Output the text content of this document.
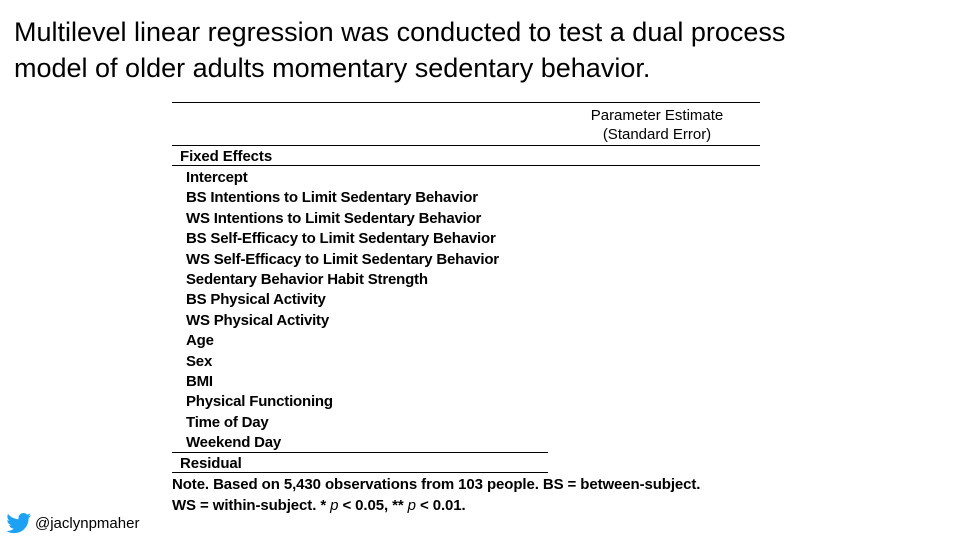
Multilevel linear regression was conducted to test a dual process
model of older adults momentary sedentary behavior.
Parameter Estimate
(Standard Error)
Fixed Effects
Intercept
BS Intentions to Limit Sedentary Behavior
WS Intentions to Limit Sedentary Behavior
BS Self-Efficacy to Limit Sedentary Behavior
WS Self-Efficacy to Limit Sedentary Behavior
Sedentary Behavior Habit Strength
BS Physical Activity
WS Physical Activity
Age
Sex
BMI
Physical Functioning
Time of Day
Weekend Day
Residual
Note. Based on 5,430 observations from 103 people. BS = between-subject.
WS = within-subject. * p < 0.05, ** p < 0.01.
@jaclynpmaher
